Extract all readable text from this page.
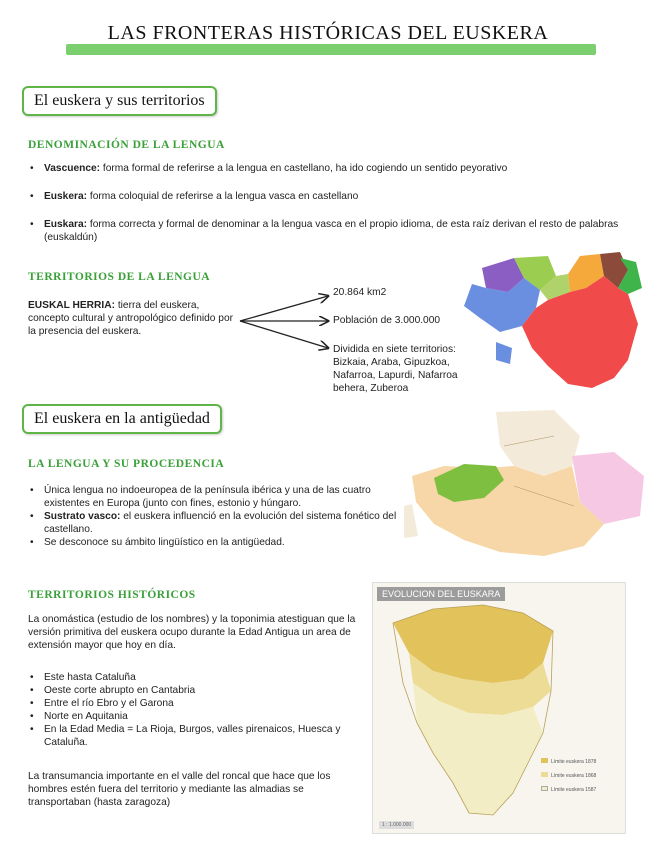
LAS FRONTERAS HISTÓRICAS DEL EUSKERA
El euskera y sus territorios
DENOMINACIÓN DE LA LENGUA
• Vascuence: forma formal de referirse a la lengua en castellano, ha ido cogiendo un sentido peyorativo
• Euskera: forma coloquial de referirse a la lengua vasca en castellano
• Euskara: forma correcta y formal de denominar a la lengua vasca en el propio idioma, de esta raíz derivan el resto de palabras (euskaldún)
TERRITORIOS DE LA LENGUA
EUSKAL HERRIA: tierra del euskera, concepto cultural y antropológico definido por la presencia del euskera.
20.864 km2
Población de 3.000.000
Dividida en siete territorios: Bizkaia, Araba, Gipuzkoa, Nafarroa, Lapurdi, Nafarroa behera, Zuberoa
El euskera en la antigüedad
LA LENGUA Y SU PROCEDENCIA
• Única lengua no indoeuropea de la península ibérica y una de las cuatro existentes en Europa (junto con fines, estonio y húngaro.
• Sustrato vasco: el euskera influenció en la evolución del sistema fonético del castellano.
• Se desconoce su ámbito lingüístico en la antigüedad.
TERRITORIOS HISTÓRICOS
La onomástica (estudio de los nombres) y la toponimia atestiguan que la versión primitiva del euskera ocupo durante la Edad Antigua un area de extensión mayor que hoy en día.
• Este hasta Cataluña
• Oeste corte abrupto en Cantabria
• Entre el río Ebro y el Garona
• Norte en Aquitania
• En la Edad Media = La Rioja, Burgos, valles pirenaicos, Huesca y Cataluña.
La transumancia importante en el valle del roncal que hace que los hombres estén fuera del territorio y mediante las almadias se transportaban (hasta zaragoza)
EVOLUCION DEL EUSKARA
Límite euskera 1878
Límite euskera 1868
Límite euskera 1587
1 : 1.000.000
